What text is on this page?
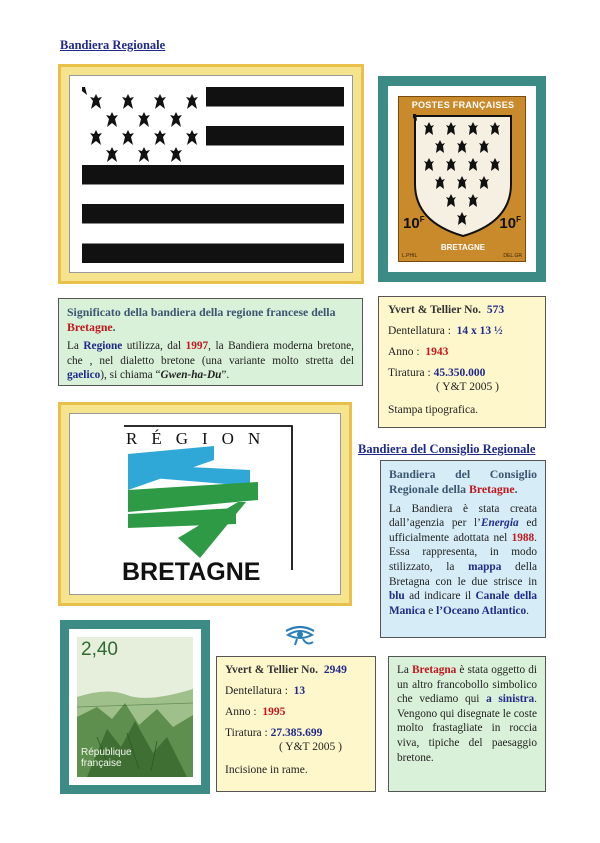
Bandiera Regionale
POSTES FRANÇAISES
$10^F$	$10^F$
BRETAGNE
L.PHIL	DEL.GR

Significato della bandiera della regione francese della Bretagne.

La Regione utilizza, dal 1997, la Bandiera moderna bretone, che , nel dialetto bretone (una variante molto stretta del gaelico), si chiama “Gwen-ha-Du”.

Yvert & Tellier No. 573
Dentellatura : 14 x 13 ½
Anno : 1943
Tiratura : 45.350.000
( Y&T 2005 )
Stampa tipografica.
RÉGION
BRETAGNE
Bandiera del Consiglio Regionale

Bandiera del Consiglio Regionale della Bretagne.

La Bandiera è stata creata dall’agenzia per l’Energia ed ufficialmente adottata nel 1988. Essa rappresenta, in modo stilizzato, la mappa della Bretagna con le due strisce in blu ad indicare il Canale della Manica e l’Oceano Atlantico.

2,40
République
française
Yvert & Tellier No. 2949
Dentellatura : 13
Anno : 1995
Tiratura : 27.385.699
( Y&T 2005 )
Incisione in rame.

La Bretagna è stata oggetto di un altro francobollo simbolico che vediamo qui a sinistra. Vengono qui disegnate le coste molto frastagliate in roccia viva, tipiche del paesaggio bretone.
